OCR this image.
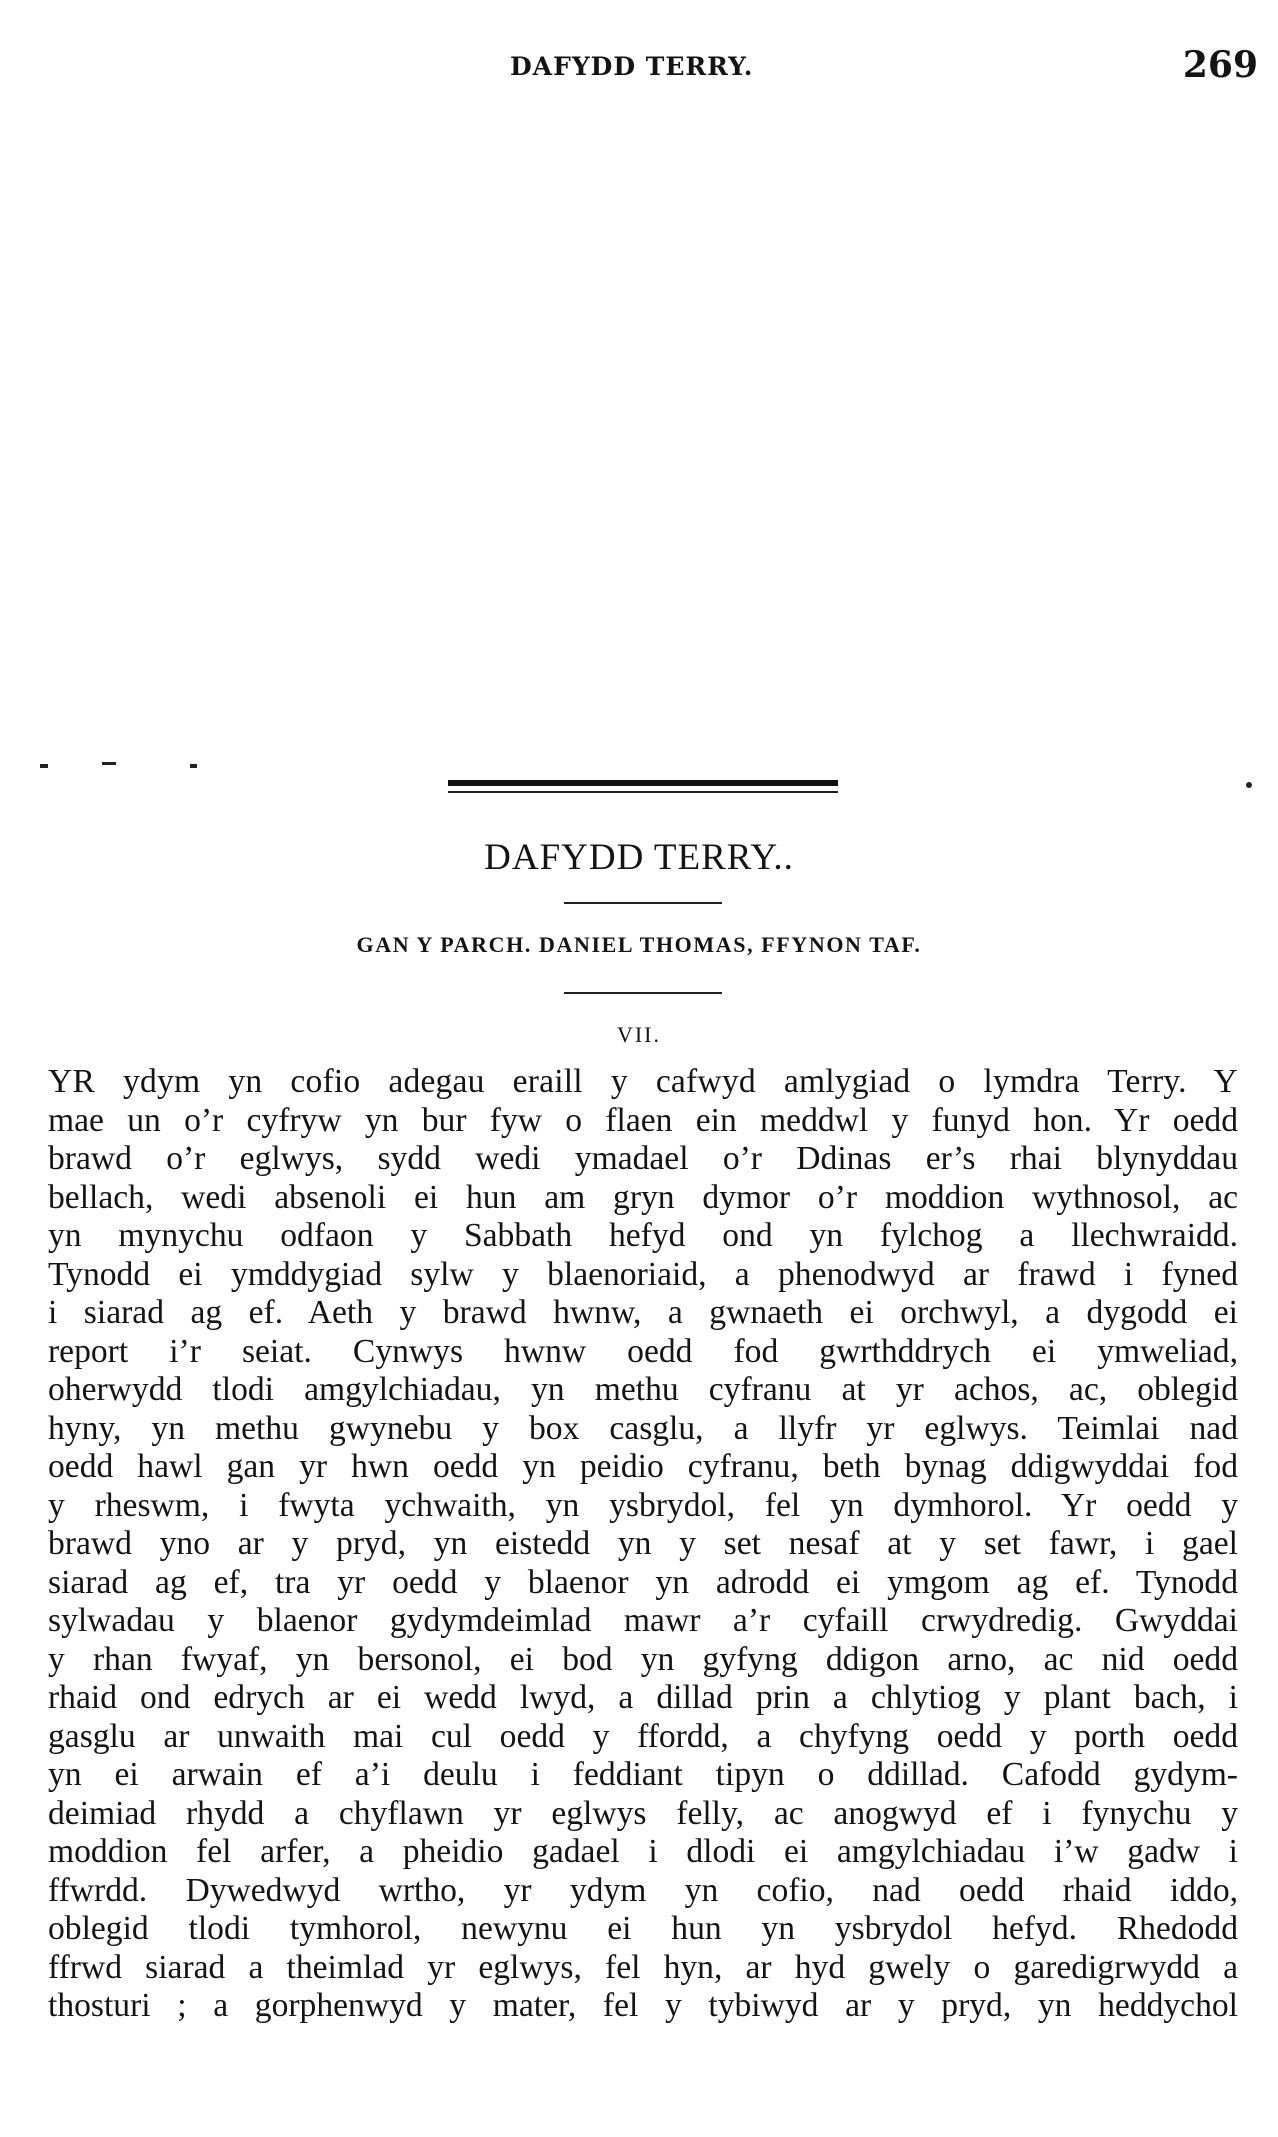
DAFYDD TERRY.	269
DAFYDD TERRY..
GAN Y PARCH. DANIEL THOMAS, FFYNON TAF.
VII.
YR ydym yn cofio adegau eraill y cafwyd amlygiad o lymdra Terry. Y
mae un o’r cyfryw yn bur fyw o flaen ein meddwl y funyd hon. Yr oedd
brawd o’r eglwys, sydd wedi ymadael o’r Ddinas er’s rhai blynyddau
bellach, wedi absenoli ei hun am gryn dymor o’r moddion wythnosol, ac
yn mynychu odfaon y Sabbath hefyd ond yn fylchog a llechwraidd.
Tynodd ei ymddygiad sylw y blaenoriaid, a phenodwyd ar frawd i fyned
i siarad ag ef. Aeth y brawd hwnw, a gwnaeth ei orchwyl, a dygodd ei
report i’r seiat. Cynwys hwnw oedd fod gwrthddrych ei ymweliad,
oherwydd tlodi amgylchiadau, yn methu cyfranu at yr achos, ac, oblegid
hyny, yn methu gwynebu y box casglu, a llyfr yr eglwys. Teimlai nad
oedd hawl gan yr hwn oedd yn peidio cyfranu, beth bynag ddigwyddai fod
y rheswm, i fwyta ychwaith, yn ysbrydol, fel yn dymhorol. Yr oedd y
brawd yno ar y pryd, yn eistedd yn y set nesaf at y set fawr, i gael
siarad ag ef, tra yr oedd y blaenor yn adrodd ei ymgom ag ef. Tynodd
sylwadau y blaenor gydymdeimlad mawr a’r cyfaill crwydredig. Gwyddai
y rhan fwyaf, yn bersonol, ei bod yn gyfyng ddigon arno, ac nid oedd
rhaid ond edrych ar ei wedd lwyd, a dillad prin a chlytiog y plant bach, i
gasglu ar unwaith mai cul oedd y ffordd, a chyfyng oedd y porth oedd
yn ei arwain ef a’i deulu i feddiant tipyn o ddillad. Cafodd gydym-
deimiad rhydd a chyflawn yr eglwys felly, ac anogwyd ef i fynychu y
moddion fel arfer, a pheidio gadael i dlodi ei amgylchiadau i’w gadw i
ffwrdd. Dywedwyd wrtho, yr ydym yn cofio, nad oedd rhaid iddo,
oblegid tlodi tymhorol, newynu ei hun yn ysbrydol hefyd. Rhedodd
ffrwd siarad a theimlad yr eglwys, fel hyn, ar hyd gwely o garedigrwydd a
thosturi ; a gorphenwyd y mater, fel y tybiwyd ar y pryd, yn heddychol
